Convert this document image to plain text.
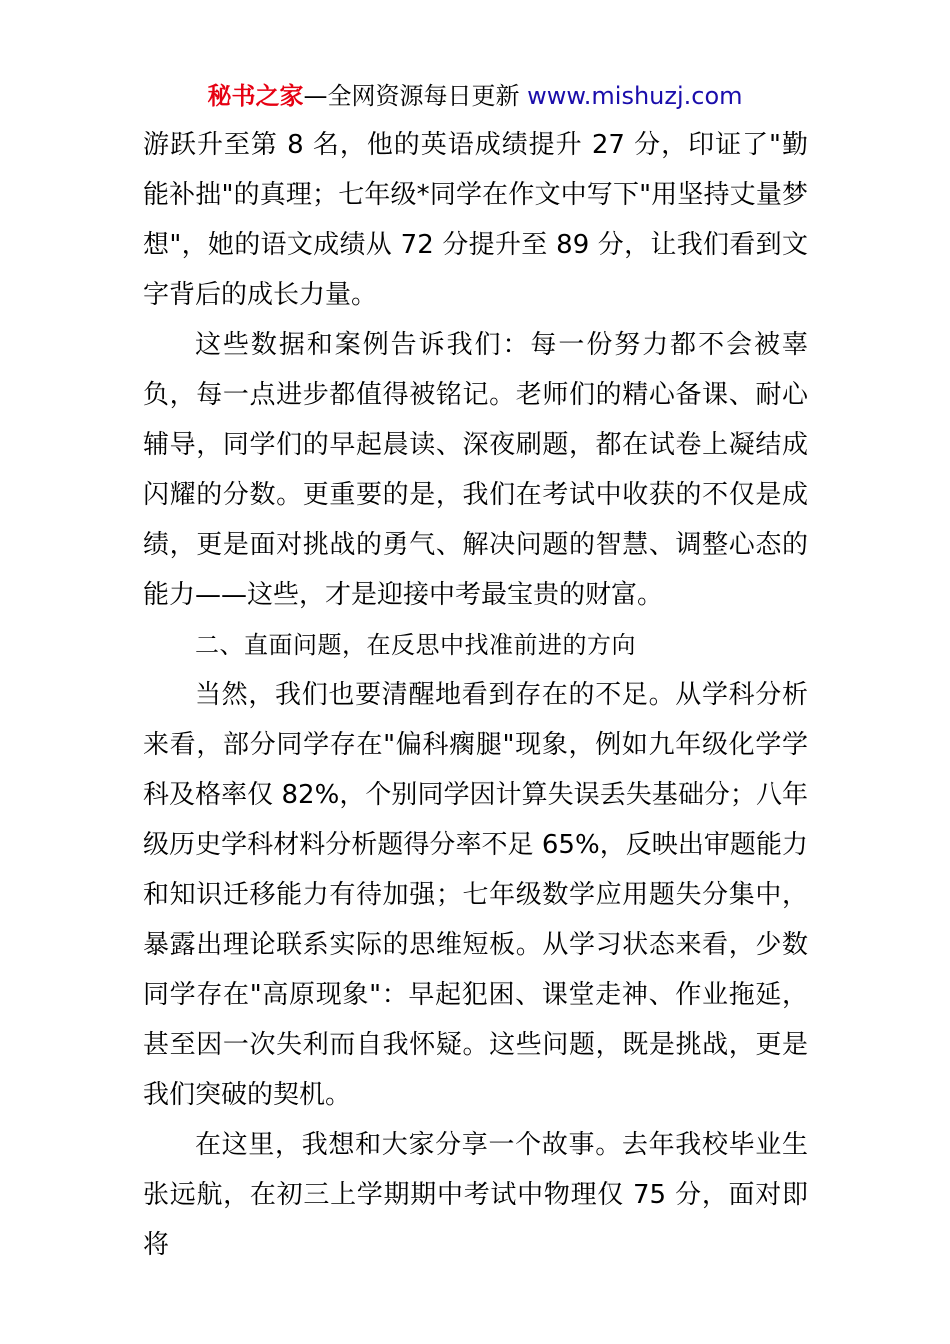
秘书之家—全网资源每日更新 www.mishuzj.com

游跃升至第 8 名，他的英语成绩提升 27 分，印证了"勤能补拙"的真理；七年级*同学在作文中写下"用坚持丈量梦想"，她的语文成绩从 72 分提升至 89 分，让我们看到文字背后的成长力量。

这些数据和案例告诉我们：每一份努力都不会被辜负，每一点进步都值得被铭记。老师们的精心备课、耐心辅导，同学们的早起晨读、深夜刷题，都在试卷上凝结成闪耀的分数。更重要的是，我们在考试中收获的不仅是成绩，更是面对挑战的勇气、解决问题的智慧、调整心态的能力——这些，才是迎接中考最宝贵的财富。

二、直面问题，在反思中找准前进的方向

当然，我们也要清醒地看到存在的不足。从学科分析来看，部分同学存在"偏科瘸腿"现象，例如九年级化学学科及格率仅 82%，个别同学因计算失误丢失基础分；八年级历史学科材料分析题得分率不足 65%，反映出审题能力和知识迁移能力有待加强；七年级数学应用题失分集中，暴露出理论联系实际的思维短板。从学习状态来看，少数同学存在"高原现象"：早起犯困、课堂走神、作业拖延，甚至因一次失利而自我怀疑。这些问题，既是挑战，更是我们突破的契机。

在这里，我想和大家分享一个故事。去年我校毕业生张远航，在初三上学期期中考试中物理仅 75 分，面对即将
